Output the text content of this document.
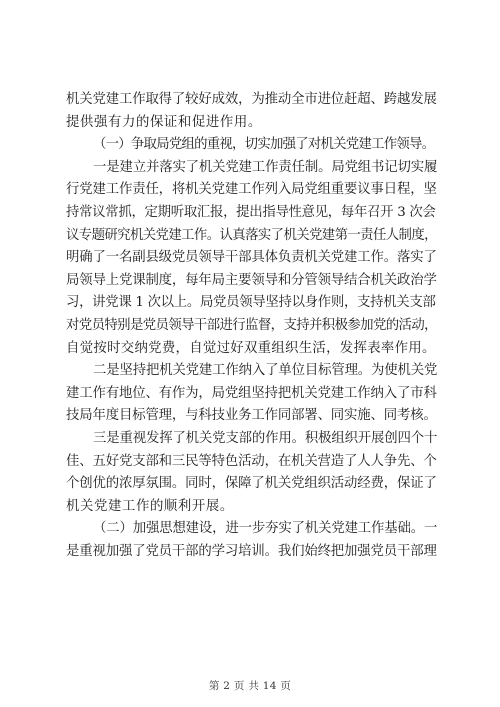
机关党建工作取得了较好成效，为推动全市进位赶超、跨越发展
提供强有力的保证和促进作用。

（一）争取局党组的重视，切实加强了对机关党建工作领导。

一是建立并落实了机关党建工作责任制。局党组书记切实履
行党建工作责任，将机关党建工作列入局党组重要议事日程，坚
持常议常抓，定期听取汇报，提出指导性意见，每年召开 3 次会
议专题研究机关党建工作。认真落实了机关党建第一责任人制度，
明确了一名副县级党员领导干部具体负责机关党建工作。落实了
局领导上党课制度，每年局主要领导和分管领导结合机关政治学
习，讲党课 1 次以上。局党员领导坚持以身作则，支持机关支部
对党员特别是党员领导干部进行监督，支持并积极参加党的活动，
自觉按时交纳党费，自觉过好双重组织生活，发挥表率作用。

二是坚持把机关党建工作纳入了单位目标管理。为使机关党
建工作有地位、有作为，局党组坚持把机关党建工作纳入了市科
技局年度目标管理，与科技业务工作同部署、同实施、同考核。

三是重视发挥了机关党支部的作用。积极组织开展创四个十
佳、五好党支部和三民等特色活动，在机关营造了人人争先、个
个创优的浓厚氛围。同时，保障了机关党组织活动经费，保证了
机关党建工作的顺利开展。

（二）加强思想建设，进一步夯实了机关党建工作基础。一
是重视加强了党员干部的学习培训。我们始终把加强党员干部理

第 2 页 共 14 页
